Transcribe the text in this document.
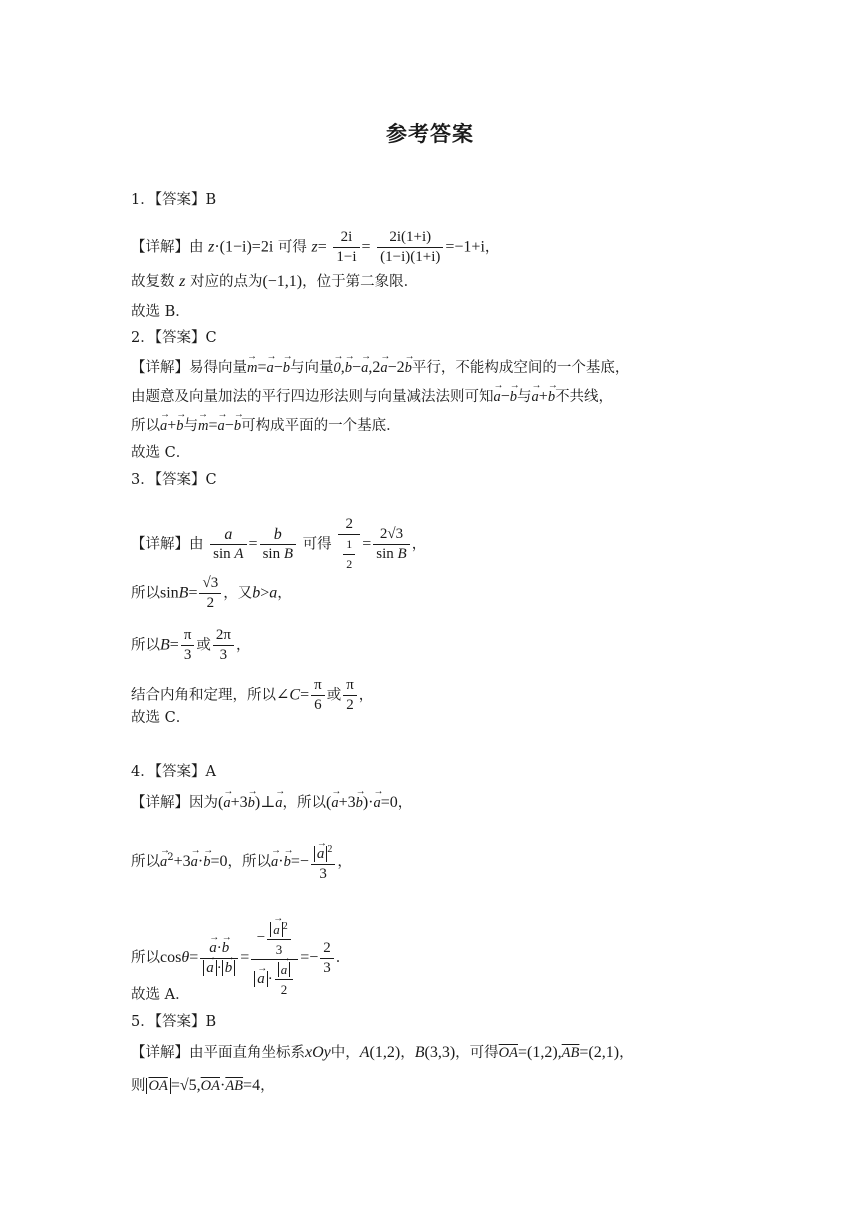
参考答案
1．【答案】B
【详解】由 z·(1−i)=2i 可得 $z= \frac{2i}{1-i} = \frac{2i(1+i)}{(1-i)(1+i)} =-1+i$，
故复数 z 对应的点为(−1,1)，位于第二象限．
故选 B．
2．【答案】C
【详解】易得向量→ m=→ a−→ b与向量→ 0,→ b−→ a,2→ a−2→ b平行，不能构成空间的一个基底，
由题意及向量加法的平行四边形法则与向量减法法则可知→ a−→ b与→ a+→ b不共线，
所以→ a+→ b与→ m=→ a−→ b可构成平面的一个基底．
故选 C．
3．【答案】C
【详解】由 $\frac{a}{\text{sin A}} = \frac{b}{\text{sin B}}$ 可得 $\frac{2}{\frac{1}{2}} = \frac{2√3}{\text{sin B}}$ ，
所以$\sin B= \frac{√3}{2}$ ，又b>a，
所以$B= \frac{\pi}{3}$ 或 $\frac{2\pi}{3}$ ，
结合内角和定理，所以∠C= $\frac{\pi}{6}$ 或 $\frac{\pi}{2}$ ，
故选 C．
4．【答案】A
【详解】因为(→ a+3→ b)⊥→ a，所以(→ a+3→ b)·→ a=0，
所以→ $a^2+3\to a\cdot\to b=0$，所以→ $a\cdot\to b=- \to \frac{a ^2}{3}$ ，
所以cosθ= → a·→ b
→ a · → b = − → $\frac{a ^2}{3}$
→ a · → $\frac{a}{2} =- \frac{2}{3}$ ．
故选 A．
5．【答案】B
【详解】由平面直角坐标系xOy中，A(1,2)，B(3,3)，可得$\overline{OA}=(1,2),\overline{AB}=(2,1)$，
则 $\overline{OA} =√5,\overline{OA}\cdot\overline{AB}=4$，
